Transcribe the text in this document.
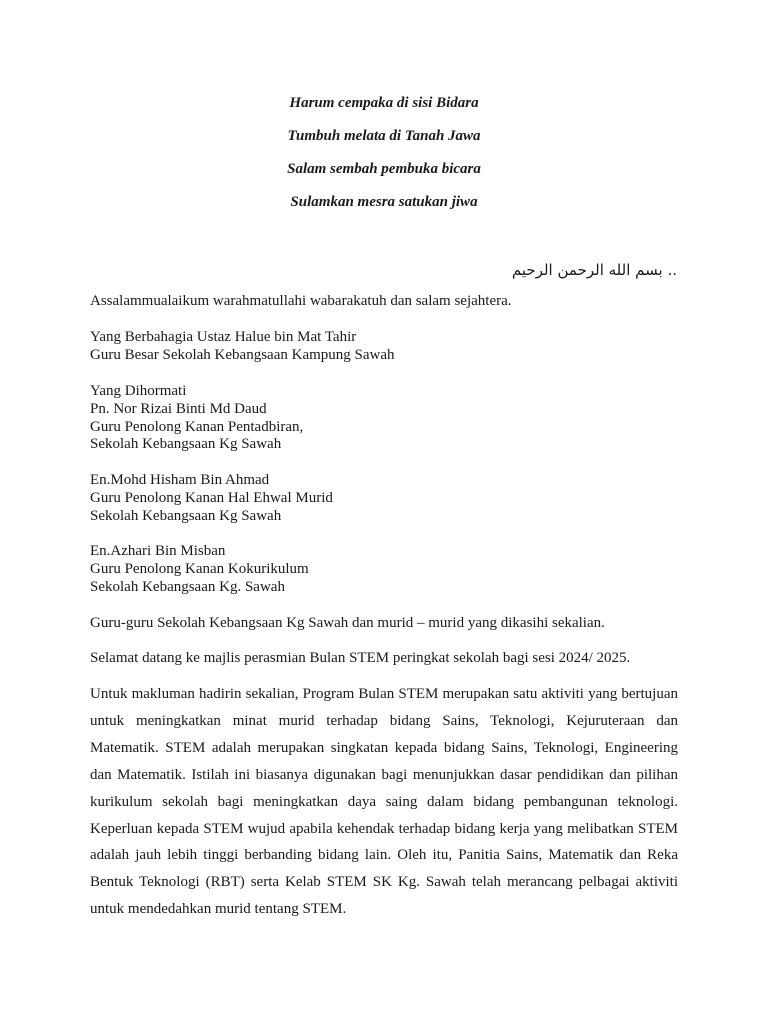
Harum cempaka di sisi Bidara
Tumbuh melata di Tanah Jawa
Salam sembah pembuka bicara
Sulamkan mesra satukan jiwa
بسم الله الرحمن الرحيم ..
Assalammualaikum warahmatullahi wabarakatuh dan salam sejahtera.
Yang Berbahagia Ustaz Halue bin Mat Tahir
Guru Besar Sekolah Kebangsaan Kampung Sawah
Yang Dihormati
Pn. Nor Rizai Binti Md Daud
Guru Penolong Kanan Pentadbiran,
Sekolah Kebangsaan Kg Sawah
En.Mohd Hisham Bin Ahmad
Guru Penolong Kanan Hal Ehwal Murid
Sekolah Kebangsaan Kg Sawah
En.Azhari Bin Misban
Guru Penolong Kanan Kokurikulum
Sekolah Kebangsaan Kg. Sawah
Guru-guru Sekolah Kebangsaan Kg Sawah dan murid – murid yang dikasihi sekalian.
Selamat datang ke majlis perasmian Bulan STEM peringkat sekolah bagi sesi 2024/ 2025.
Untuk makluman hadirin sekalian, Program Bulan STEM merupakan satu aktiviti yang bertujuan untuk meningkatkan minat murid terhadap bidang Sains, Teknologi, Kejuruteraan dan Matematik. STEM adalah merupakan singkatan kepada bidang Sains, Teknologi, Engineering dan Matematik. Istilah ini biasanya digunakan bagi menunjukkan dasar pendidikan dan pilihan kurikulum sekolah bagi meningkatkan daya saing dalam bidang pembangunan teknologi. Keperluan kepada STEM wujud apabila kehendak terhadap bidang kerja yang melibatkan STEM adalah jauh lebih tinggi berbanding bidang lain. Oleh itu, Panitia Sains, Matematik dan Reka Bentuk Teknologi (RBT) serta Kelab STEM SK Kg. Sawah telah merancang pelbagai aktiviti untuk mendedahkan murid tentang STEM.
